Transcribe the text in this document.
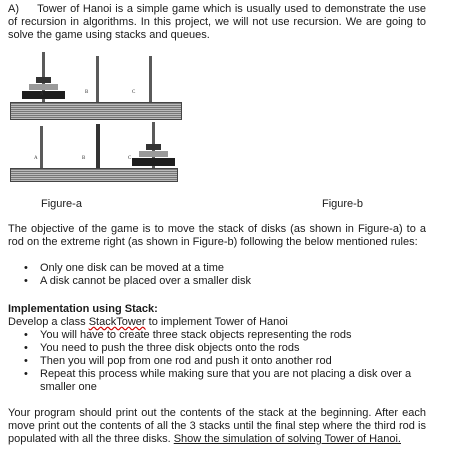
A) Tower of Hanoi is a simple game which is usually used to demonstrate the use of recursion in algorithms. In this project, we will not use recursion. We are going to solve the game using stacks and queues.
A	B	C
A	B	C
Figure-a	Figure-b
The objective of the game is to move the stack of disks (as shown in Figure-a) to a rod on the extreme right (as shown in Figure-b) following the below mentioned rules:
• Only one disk can be moved at a time
• A disk cannot be placed over a smaller disk
Implementation using Stack:
Develop a class StackTower to implement Tower of Hanoi
• You will have to create three stack objects representing the rods
• You need to push the three disk objects onto the rods
• Then you will pop from one rod and push it onto another rod
• Repeat this process while making sure that you are not placing a disk over a smaller one
Your program should print out the contents of the stack at the beginning. After each move print out the contents of all the 3 stacks until the final step where the third rod is populated with all the three disks. Show the simulation of solving Tower of Hanoi.
